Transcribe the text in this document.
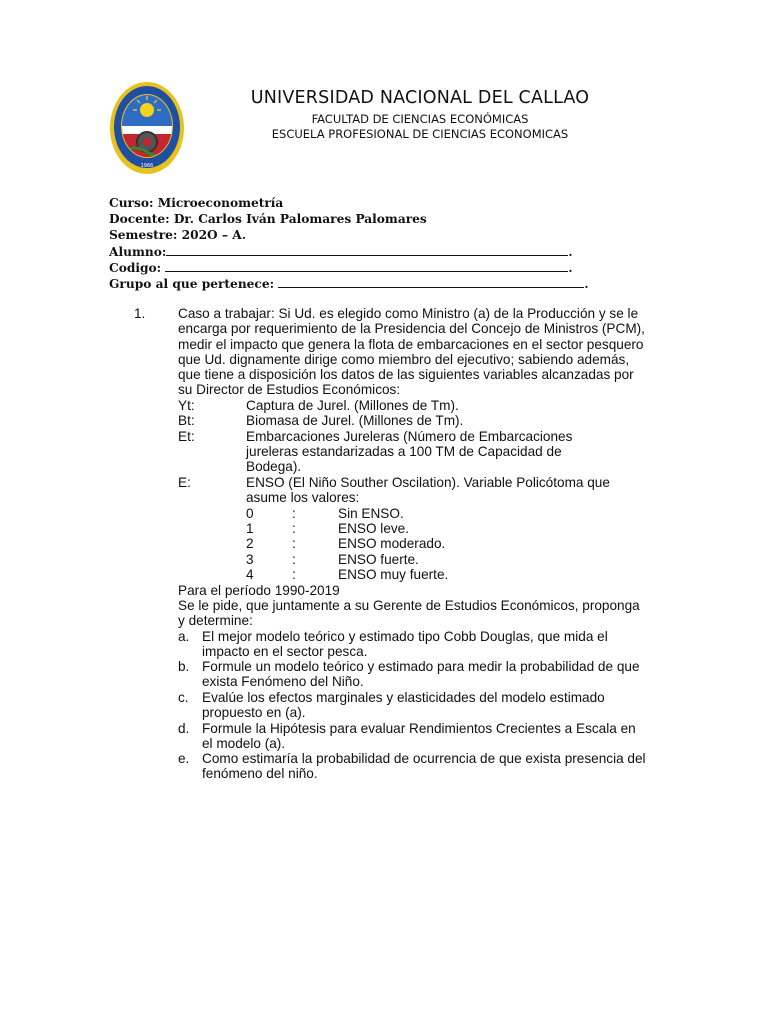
1966
UNIVERSIDAD NACIONAL DEL CALLAO
FACULTAD DE CIENCIAS ECONÓMICAS
ESCUELA PROFESIONAL DE CIENCIAS ECONOMICAS
Curso: Microeconometría
Docente: Dr. Carlos Iván Palomares Palomares
Semestre: 202O – A.
Alumno:	.
Codigo:	.
Grupo al que pertenece:	.
1. Caso a trabajar: Si Ud. es elegido como Ministro (a) de la Producción y se le
encarga por requerimiento de la Presidencia del Concejo de Ministros (PCM),
medir el impacto que genera la flota de embarcaciones en el sector pesquero
que Ud. dignamente dirige como miembro del ejecutivo; sabiendo además,
que tiene a disposición los datos de las siguientes variables alcanzadas por
su Director de Estudios Económicos:
Yt:	Captura de Jurel. (Millones de Tm).
Bt:	Biomasa de Jurel. (Millones de Tm).
Et:	Embarcaciones Jureleras (Número de Embarcaciones
jureleras estandarizadas a 100 TM de Capacidad de
Bodega).
E:	ENSO (El Niño Souther Oscilation). Variable Policótoma que
asume los valores:
0	:	Sin ENSO.
1	:	ENSO leve.
2	:	ENSO moderado.
3	:	ENSO fuerte.
4	:	ENSO muy fuerte.
Para el período 1990-2019
Se le pide, que juntamente a su Gerente de Estudios Económicos, proponga
y determine:
a. El mejor modelo teórico y estimado tipo Cobb Douglas, que mida el
impacto en el sector pesca.
b. Formule un modelo teórico y estimado para medir la probabilidad de que
exista Fenómeno del Niño.
c. Evalúe los efectos marginales y elasticidades del modelo estimado
propuesto en (a).
d. Formule la Hipótesis para evaluar Rendimientos Crecientes a Escala en
el modelo (a).
e. Como estimaría la probabilidad de ocurrencia de que exista presencia del
fenómeno del niño.
